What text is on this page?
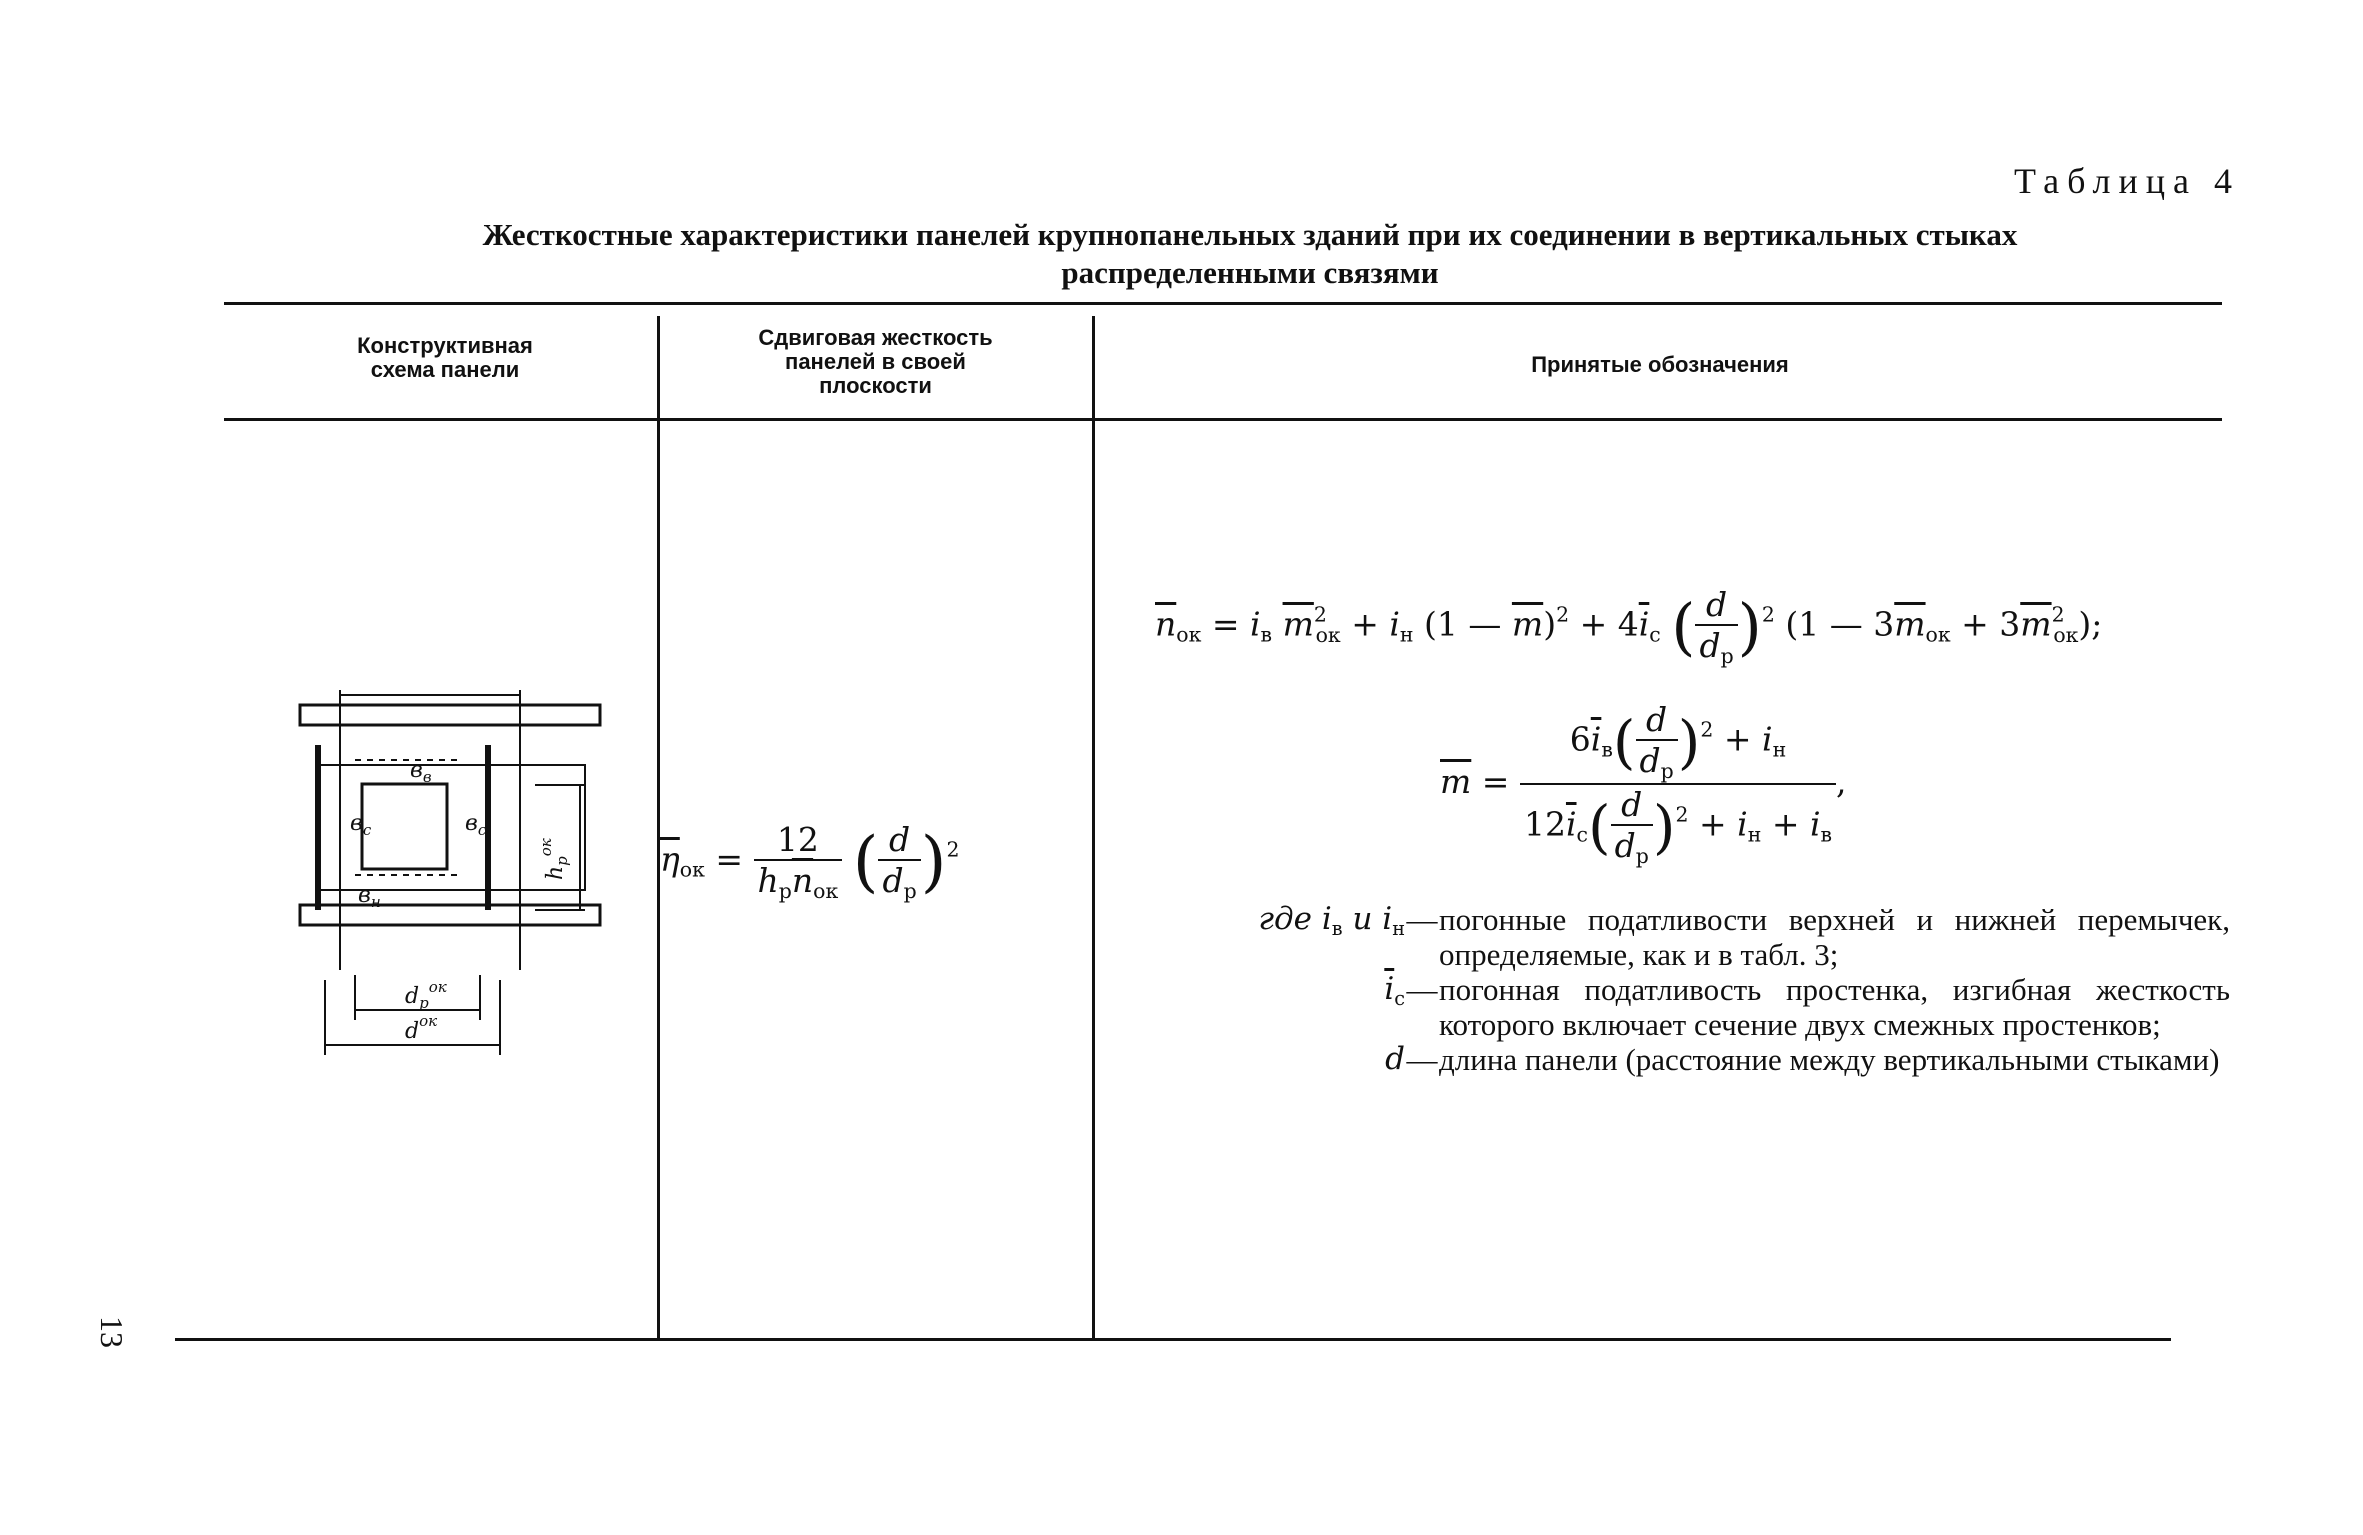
Таблица 4
Жесткостные характеристики панелей крупнопанельных зданий при их соединении в вертикальных стыках
распределенными связями
Конструктивная
схема панели
Сдвиговая жесткость
панелей в своей
плоскости
Принятые обозначения
$в_в$
$в_н$
$в_с$	$в_с$
$h_р^{ок}$
$d_р^{ок}$
$d^{ок}$
$\overline{\eta}_{ок} = \frac{12}{h_р\overline{n}_{ок}}$ ( $\frac{d}{d_р} )^2$
$\overline{n}_{ок} = i_в$ $\overline{m}^2_{ок} + i_н$ (1 — $\overline{m})^2 + 4\overline{i}_с$ ( $\frac{d}{d_р} )^2$ (1 — $3\overline{m}_{ок} + 3\overline{m}^2_{ок}$);
$\overline{m} = \frac{6\overline{i}_в( \frac{d}{d_р} )^2 + i_н}{12\overline{i}_с( \frac{d}{d_р} )^2 + i_н + i_в}$ ,
где $i_в$ и $i_н$ — погонные податливости верхней и нижней перемычек, определяемые, как и в табл. 3;
$\overline{i}_с$ — погонная податливость простенка, изгибная жесткость которого включает сечение двух смежных простенков;
d — длина панели (расстояние между вертикальными стыками)
13
